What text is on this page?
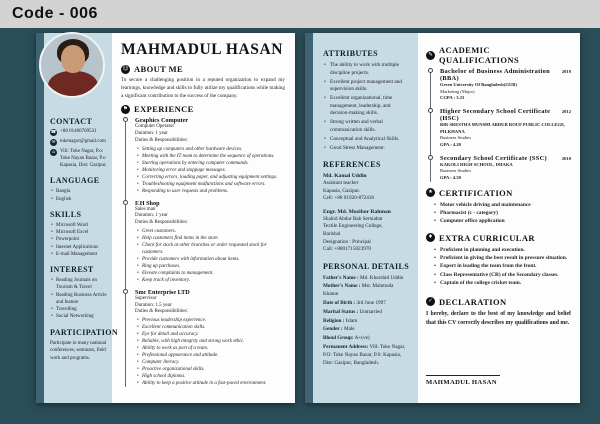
Code - 006
CONTACT
☎ +88 01406769531
✉ tokenagor@gmail.com
⌂	Vill: Toke Nagar, P.o: Toke Nayan Bazar, P.s: Kapasia, Dist: Gazipur.
LANGUAGE
• Bangla
• English
SKILLS
• Microsoft Word
• Microsoft Excel
• Powerpoint
• Internet Applications
• E-mail Management
INTEREST
• Reading Journals on Tourism & Travel
• Reading Business Article and feature
• Travelling
• Social Networking
PARTICIPATION
Participate in many national conferences, seminars, field work and programs.
MAHMADUL HASAN
☺ ABOUT ME

To secure a challenging position in a reputed organization to expand my learnings, knowledge and skills to fully utilize my qualifications while making a significant contribution to the success of the company.

⚑ EXPERIENCE
Graphics Computer
Computer Operator
Duration: 1 year
Duties & Responsibilities:
• Setting up computers and other hardware devices.
• Meeting with the IT team to determine the sequence of operations.
• Starting operations by entering computer commands.
• Monitoring error and stoppage messages.
• Correcting errors, loading paper, and adjusting equipment settings.
• Troubleshooting equipment malfunctions and software errors.
• Responding to user requests and problems.
F.H Shop
Sales man
Duration: 1 year
Duties & Responsibilities:
• Greet customers.
• Help customers find items in the store.
• Check for stock at other branches or order requested stock for customers.
• Provide customers with information about items.
• Ring up purchases.
• Elevate complaints to management.
• Keep track of inventory.
Smc Enterprise LTD
Supervisor
Duration: 1.5 year
Duties & Responsibilities:
• Previous leadership experience.
• Excellent communication skills.
• Eye for detail and accuracy.
• Reliable, with high integrity and strong work ethic.
• Ability to work as part of a team.
• Professional appearance and attitude.
• Computer literacy.
• Proactive organizational skills.
• High school diploma.
• Ability to keep a positive attitude in a fast-paced environment.
ATTRIBUTES
• The ability to work with multiple discipline projects.
• Excellent project management and supervision skills.
• Excellent organizational, time management, leadership, and decision-making skills.
• Strong written and verbal communication skills.
• Conceptual and Analytical Skills.
• Good Stress Management.
REFERENCES
Md. Kamal Uddin
Assistant teacher
Kapasia, Gazipur.
Cell: +88 01920-872436
Engr. Md. Mozibor Rahman
Shahid Abdur Rab Serniabat
Textile Engineering College,
Barishal
Designation : Principal
Call: +8801715023970
PERSONAL DETAILS
Father's Name : Md. Khorshid Uddin
Mother's Name : Mst. Mahmuda Khatun
Date of Birth : 3rd June 1997
Marital Status : Unmarried
Religion : Islam
Gender : Male
Blood Group: A+(ve)
Permanent Address: Vill: Toke Nagar, P.O: Toke Nayan Bazar, P.S: Kapasia, Dist: Gazipur, Bangladesh.
✎ ACADEMIC QUALIFICATIONS
Bachelor of Business Administration (BBA)
2019
Green University Of Bangladesh(GUB)
Marketing (Major)
CGPA : 3.23
Higher Secondary School Certificate (HSC)
2012
BIR SRESTHA MUNSHI ABDUR ROUF PUBLIC COLLEGE, PILKHANA
Business Studies
GPA : 4.20
Secondary School Certificate (SSC)	2010
KAKOLI HIGH SCHOOL, DHAKA
Business Studies
GPA : 4.50
★ CERTIFICATION
• Motor vehicle driving and maintenance
• Pharmacist (c - category)
• Computer office application
♦ EXTRA CURRICULAR
• Proficient in planning and execution.
• Proficient in giving the best result in pressure situation.
• Expert in leading the team from the front.
• Class Representative (CR) of the Secondary classes.
• Captain of the college cricket team.
✓ DECLARATION

I hereby, declare to the best of my knowledge and belief that this CV correctly describes my qualifications and me.

MAHMADUL HASAN
